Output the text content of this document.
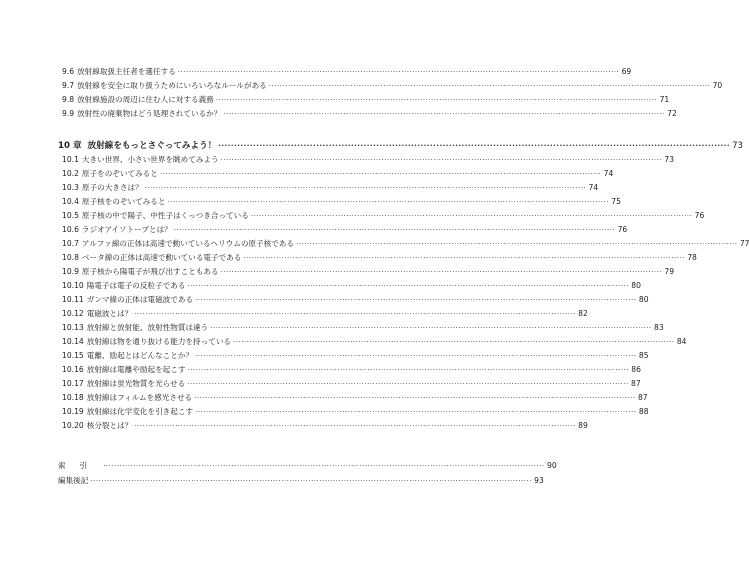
9.6 放射線取扱主任者を選任する ·····	69
9.7 放射線を安全に取り扱うためにいろいろなルールがある ·····	70
9.8 放射線施設の周辺に住む人に対する義務 ·····	71
9.9 放射性の廃棄物はどう処理されているか？ ·····	72
10 章 放射線をもっとさぐってみよう！ ·····	73
10.1 大きい世界、小さい世界を眺めてみよう ·····	73
10.2 原子をのぞいてみると ·····	74
10.3 原子の大きさは？ ·····	74
10.4 原子核をのぞいてみると ·····	75
10.5 原子核の中で陽子、中性子はくっつき合っている ·····	76
10.6 ラジオアイソトープとは？ ·····	76
10.7 アルファ線の正体は高速で動いているヘリウムの原子核である ·····	77
10.8 ベータ線の正体は高速で動いている電子である ·····	78
10.9 原子核から陽電子が飛び出すこともある ·····	79
10.10 陽電子は電子の反粒子である ·····	80
10.11 ガンマ線の正体は電磁波である ·····	80
10.12 電磁波とは？ ·····	82
10.13 放射線と放射能、放射性物質は違う ·····	83
10.14 放射線は物を通り抜ける能力を持っている ·····	84
10.15 電離、励起とはどんなことか？ ·····	85
10.16 放射線は電離や励起を起こす ·····	86
10.17 放射線は蛍光物質を光らせる ·····	87
10.18 放射線はフィルムを感光させる ·····	87
10.19 放射線は化学変化を引き起こす ·····	88
10.20 核分裂とは？ ·····	89
索引 ·····	90
編集後記 ·····	93
